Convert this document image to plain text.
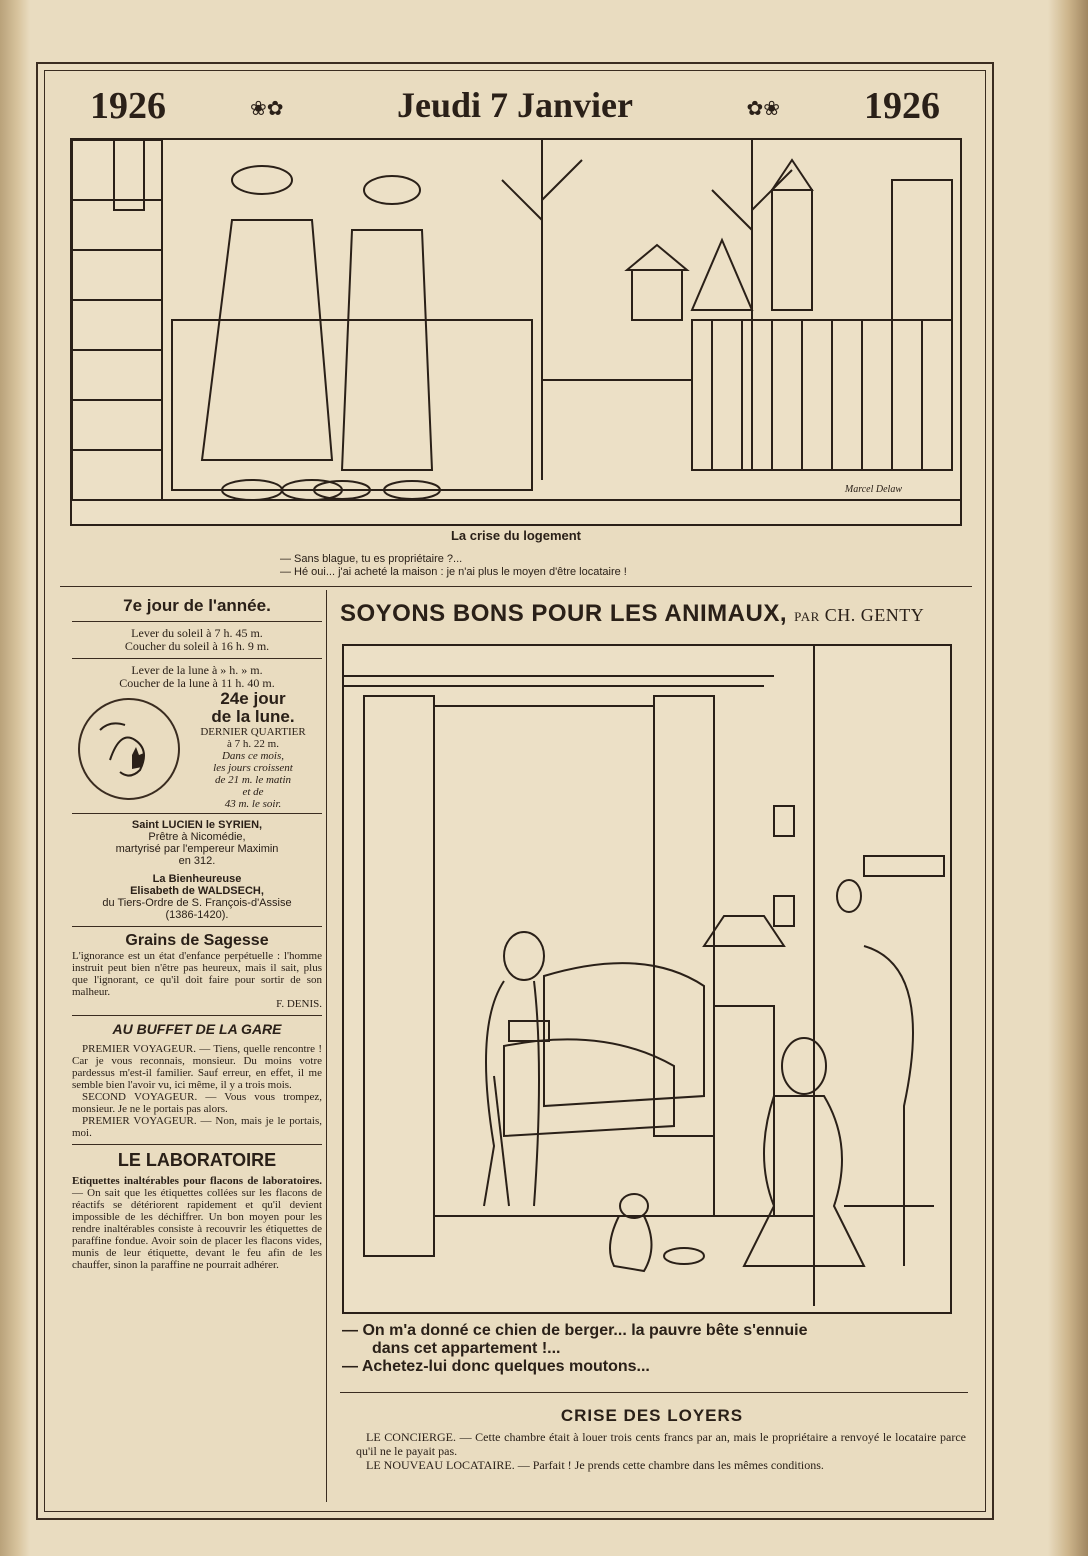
1926	❀✿	Jeudi 7 Janvier	✿❀ 1926
Marcel Delaw
La crise du logement
— Sans blague, tu es propriétaire ?...
— Hé oui... j'ai acheté la maison : je n'ai plus le moyen d'être locataire !
7e jour de l'année.
Lever du soleil à 7 h. 45 m.
Coucher du soleil à 16 h. 9 m.
Lever de la lune à » h. » m.
Coucher de la lune à 11 h. 40 m.
24e jour
de la lune.
DERNIER QUARTIER
à 7 h. 22 m.
Dans ce mois,
les jours croissent
de 21 m. le matin
et de
43 m. le soir.
Saint LUCIEN le SYRIEN,
Prêtre à Nicomédie,
martyrisé par l'empereur Maximin
en 312.
La Bienheureuse
Elisabeth de WALDSECH,
du Tiers-Ordre de S. François-d'Assise
(1386-1420).
Grains de Sagesse
L'ignorance est un état d'enfance perpétuelle : l'homme instruit peut bien n'être pas heureux, mais il sait, plus que l'ignorant, ce qu'il doit faire pour sortir de son malheur.
F. DENIS.
AU BUFFET DE LA GARE
PREMIER VOYAGEUR. — Tiens, quelle rencontre ! Car je vous reconnais, monsieur. Du moins votre pardessus m'est-il familier. Sauf erreur, en effet, il me semble bien l'avoir vu, ici même, il y a trois mois.
SECOND VOYAGEUR. — Vous vous trompez, monsieur. Je ne le portais pas alors.
PREMIER VOYAGEUR. — Non, mais je le portais, moi.
LE LABORATOIRE
Etiquettes inaltérables pour flacons de laboratoires. — On sait que les étiquettes collées sur les flacons de réactifs se détériorent rapidement et qu'il devient impossible de les déchiffrer. Un bon moyen pour les rendre inaltérables consiste à recouvrir les étiquettes de paraffine fondue. Avoir soin de placer les flacons vides, munis de leur étiquette, devant le feu afin de les chauffer, sinon la paraffine ne pourrait adhérer.
SOYONS BONS POUR LES ANIMAUX, par CH. GENTY
— On m'a donné ce chien de berger... la pauvre bête s'ennuie
dans cet appartement !...
— Achetez-lui donc quelques moutons...
CRISE DES LOYERS
LE CONCIERGE. — Cette chambre était à louer trois cents francs par an, mais le propriétaire a renvoyé le locataire parce qu'il ne le payait pas.
LE NOUVEAU LOCATAIRE. — Parfait ! Je prends cette chambre dans les mêmes conditions.
